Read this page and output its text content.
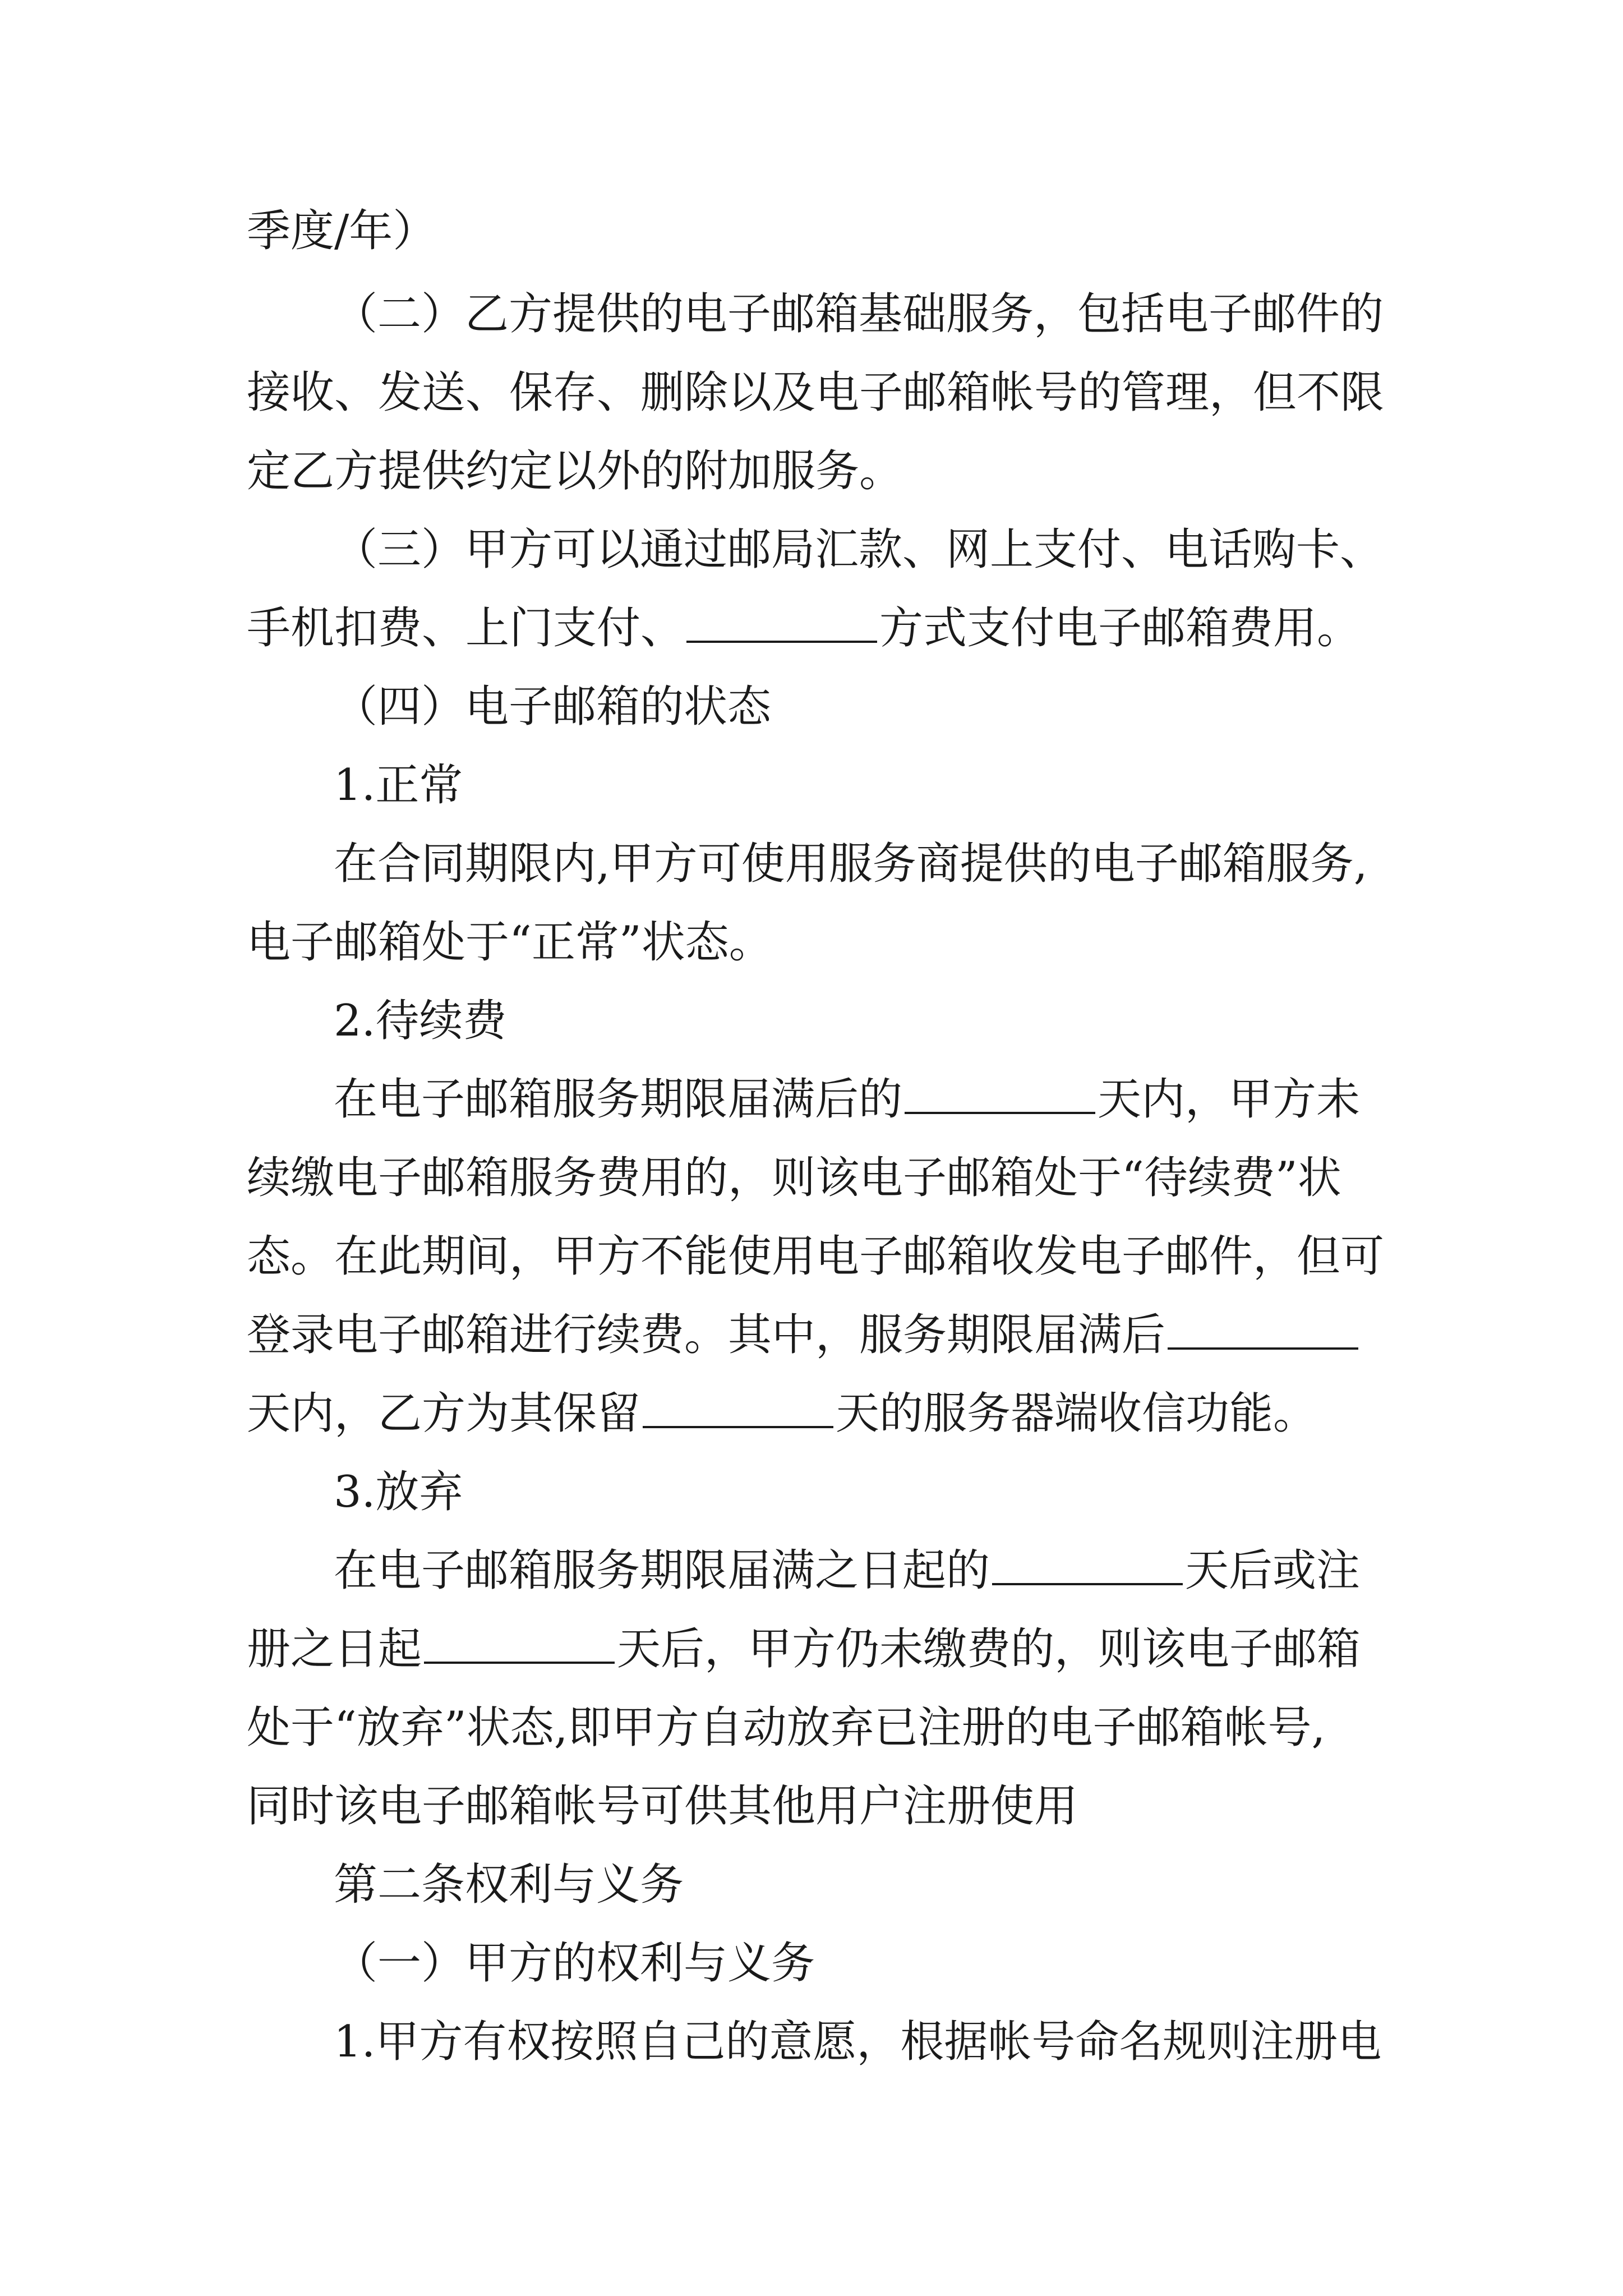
季度/年）
（二）乙方提供的电子邮箱基础服务，包括电子邮件的
接收、发送、保存、删除以及电子邮箱帐号的管理，但不限
定乙方提供约定以外的附加服务。
（三）甲方可以通过邮局汇款、网上支付、电话购卡、
手机扣费、上门支付、	方式支付电子邮箱费用。
（四）电子邮箱的状态
1.正常
在合同期限内,甲方可使用服务商提供的电子邮箱服务,
电子邮箱处于“正常”状态。
2.待续费
在电子邮箱服务期限届满后的	天内，甲方未
续缴电子邮箱服务费用的，则该电子邮箱处于“待续费”状
态。在此期间，甲方不能使用电子邮箱收发电子邮件，但可
登录电子邮箱进行续费。其中，服务期限届满后
天内，乙方为其保留	天的服务器端收信功能。
3.放弃
在电子邮箱服务期限届满之日起的	天后或注
册之日起	天后，甲方仍未缴费的，则该电子邮箱
处于“放弃”状态,即甲方自动放弃已注册的电子邮箱帐号,
同时该电子邮箱帐号可供其他用户注册使用
第二条权利与义务
（一）甲方的权利与义务
1.甲方有权按照自己的意愿，根据帐号命名规则注册电
